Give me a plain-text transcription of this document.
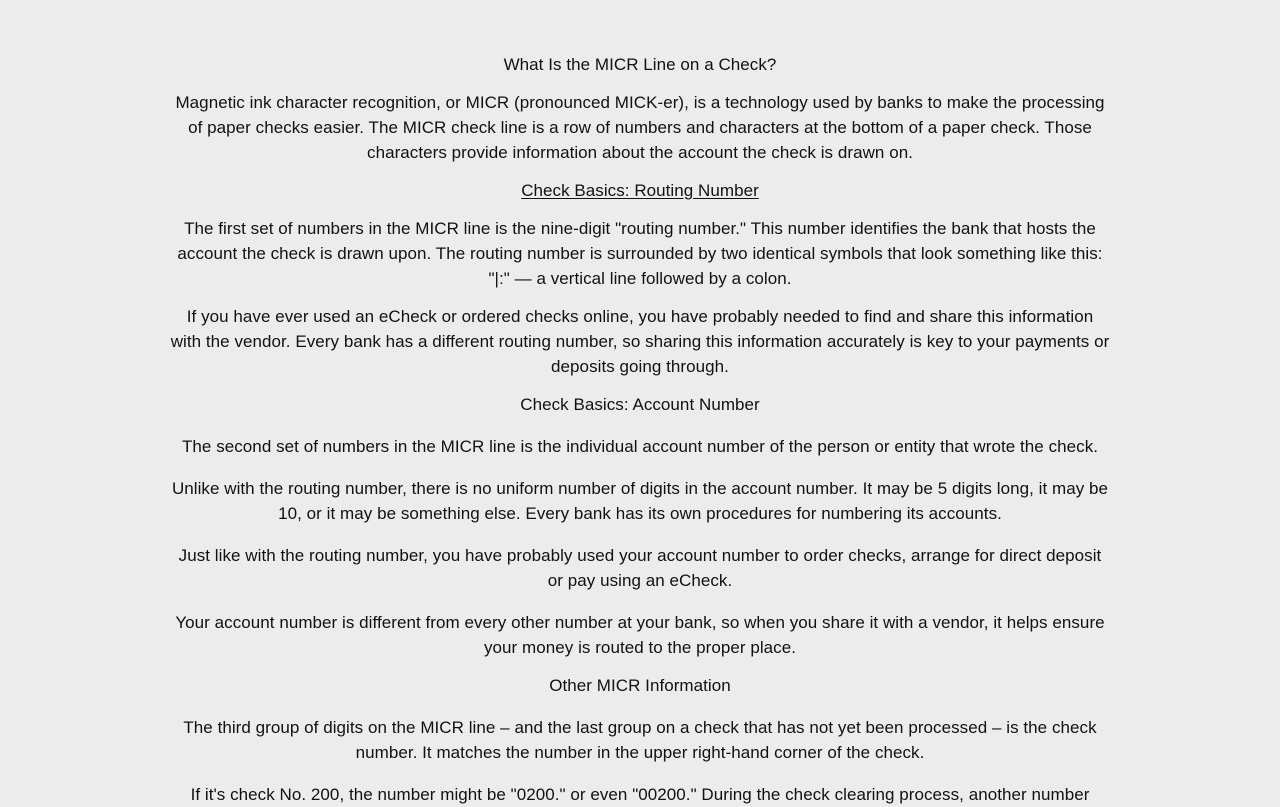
What Is the MICR Line on a Check?

Magnetic ink character recognition, or MICR (pronounced MICK-er), is a technology used by banks to make the processing of paper checks easier. The MICR check line is a row of numbers and characters at the bottom of a paper check. Those characters provide information about the account the check is drawn on.

Check Basics: Routing Number

The first set of numbers in the MICR line is the nine-digit "routing number." This number identifies the bank that hosts the account the check is drawn upon. The routing number is surrounded by two identical symbols that look something like this: "|:" — a vertical line followed by a colon.

If you have ever used an eCheck or ordered checks online, you have probably needed to find and share this information with the vendor. Every bank has a different routing number, so sharing this information accurately is key to your payments or deposits going through.

Check Basics: Account Number

The second set of numbers in the MICR line is the individual account number of the person or entity that wrote the check.

Unlike with the routing number, there is no uniform number of digits in the account number. It may be 5 digits long, it may be 10, or it may be something else. Every bank has its own procedures for numbering its accounts.

Just like with the routing number, you have probably used your account number to order checks, arrange for direct deposit or pay using an eCheck.

Your account number is different from every other number at your bank, so when you share it with a vendor, it helps ensure your money is routed to the proper place.

Other MICR Information

The third group of digits on the MICR line – and the last group on a check that has not yet been processed – is the check number. It matches the number in the upper right-hand corner of the check.

If it's check No. 200, the number might be "0200." or even "00200." During the check clearing process, another number
